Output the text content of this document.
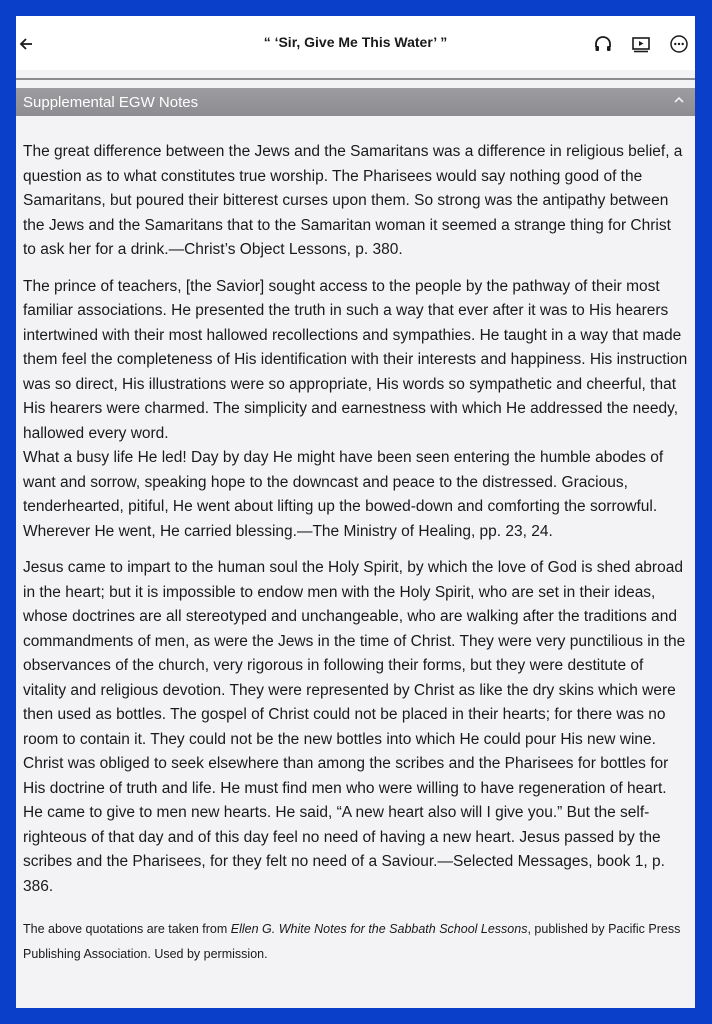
“ ‘Sir, Give Me This Water’ ”
Supplemental EGW Notes

The great difference between the Jews and the Samaritans was a difference in religious belief, a question as to what constitutes true worship. The Pharisees would say nothing good of the Samaritans, but poured their bitterest curses upon them. So strong was the antipathy between the Jews and the Samaritans that to the Samaritan woman it seemed a strange thing for Christ to ask her for a drink.—Christ’s Object Lessons, p. 380.

The prince of teachers, [the Savior] sought access to the people by the pathway of their most familiar associations. He presented the truth in such a way that ever after it was to His hearers intertwined with their most hallowed recollections and sympathies. He taught in a way that made them feel the completeness of His identification with their interests and happiness. His instruction was so direct, His illustrations were so appropriate, His words so sympathetic and cheerful, that His hearers were charmed. The simplicity and earnestness with which He addressed the needy, hallowed every word.

What a busy life He led! Day by day He might have been seen entering the humble abodes of want and sorrow, speaking hope to the downcast and peace to the distressed. Gracious, tenderhearted, pitiful, He went about lifting up the bowed-down and comforting the sorrowful. Wherever He went, He carried blessing.—The Ministry of Healing, pp. 23, 24.

Jesus came to impart to the human soul the Holy Spirit, by which the love of God is shed abroad in the heart; but it is impossible to endow men with the Holy Spirit, who are set in their ideas, whose doctrines are all stereotyped and unchangeable, who are walking after the traditions and commandments of men, as were the Jews in the time of Christ. They were very punctilious in the observances of the church, very rigorous in following their forms, but they were destitute of vitality and religious devotion. They were represented by Christ as like the dry skins which were then used as bottles. The gospel of Christ could not be placed in their hearts; for there was no room to contain it. They could not be the new bottles into which He could pour His new wine. Christ was obliged to seek elsewhere than among the scribes and the Pharisees for bottles for His doctrine of truth and life. He must find men who were willing to have regeneration of heart. He came to give to men new hearts. He said, “A new heart also will I give you.” But the self-righteous of that day and of this day feel no need of having a new heart. Jesus passed by the scribes and the Pharisees, for they felt no need of a Saviour.—Selected Messages, book 1, p. 386.

The above quotations are taken from Ellen G. White Notes for the Sabbath School Lessons, published by Pacific Press Publishing Association. Used by permission.
